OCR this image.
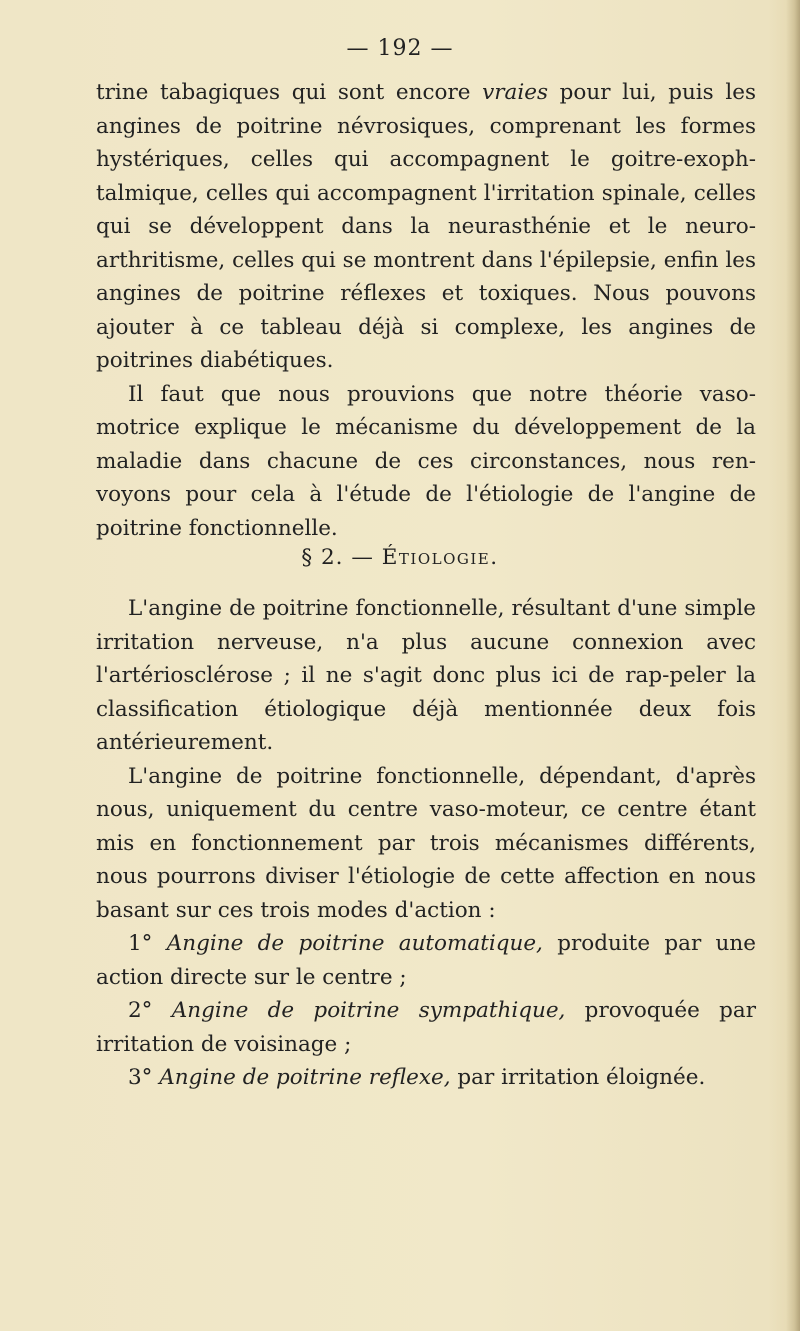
— 192 —

trine tabagiques qui sont encore vraies pour lui, puis les angines de poitrine névrosiques, comprenant les formes hystériques, celles qui accompagnent le goitre-exoph-talmique, celles qui accompagnent l'irritation spinale, celles qui se développent dans la neurasthénie et le neuro-arthritisme, celles qui se montrent dans l'épilepsie, enfin les angines de poitrine réflexes et toxiques. Nous pouvons ajouter à ce tableau déjà si complexe, les angines de poitrines diabétiques.

Il faut que nous prouvions que notre théorie vaso-motrice explique le mécanisme du développement de la maladie dans chacune de ces circonstances, nous ren-voyons pour cela à l'étude de l'étiologie de l'angine de poitrine fonctionnelle.

§ 2. — Étiologie.

L'angine de poitrine fonctionnelle, résultant d'une simple irritation nerveuse, n'a plus aucune connexion avec l'artériosclérose ; il ne s'agit donc plus ici de rap-peler la classification étiologique déjà mentionnée deux fois antérieurement.

L'angine de poitrine fonctionnelle, dépendant, d'après nous, uniquement du centre vaso-moteur, ce centre étant mis en fonctionnement par trois mécanismes différents, nous pourrons diviser l'étiologie de cette affection en nous basant sur ces trois modes d'action :

1° Angine de poitrine automatique, produite par une action directe sur le centre ;

2° Angine de poitrine sympathique, provoquée par irritation de voisinage ;

3° Angine de poitrine reflexe, par irritation éloignée.
